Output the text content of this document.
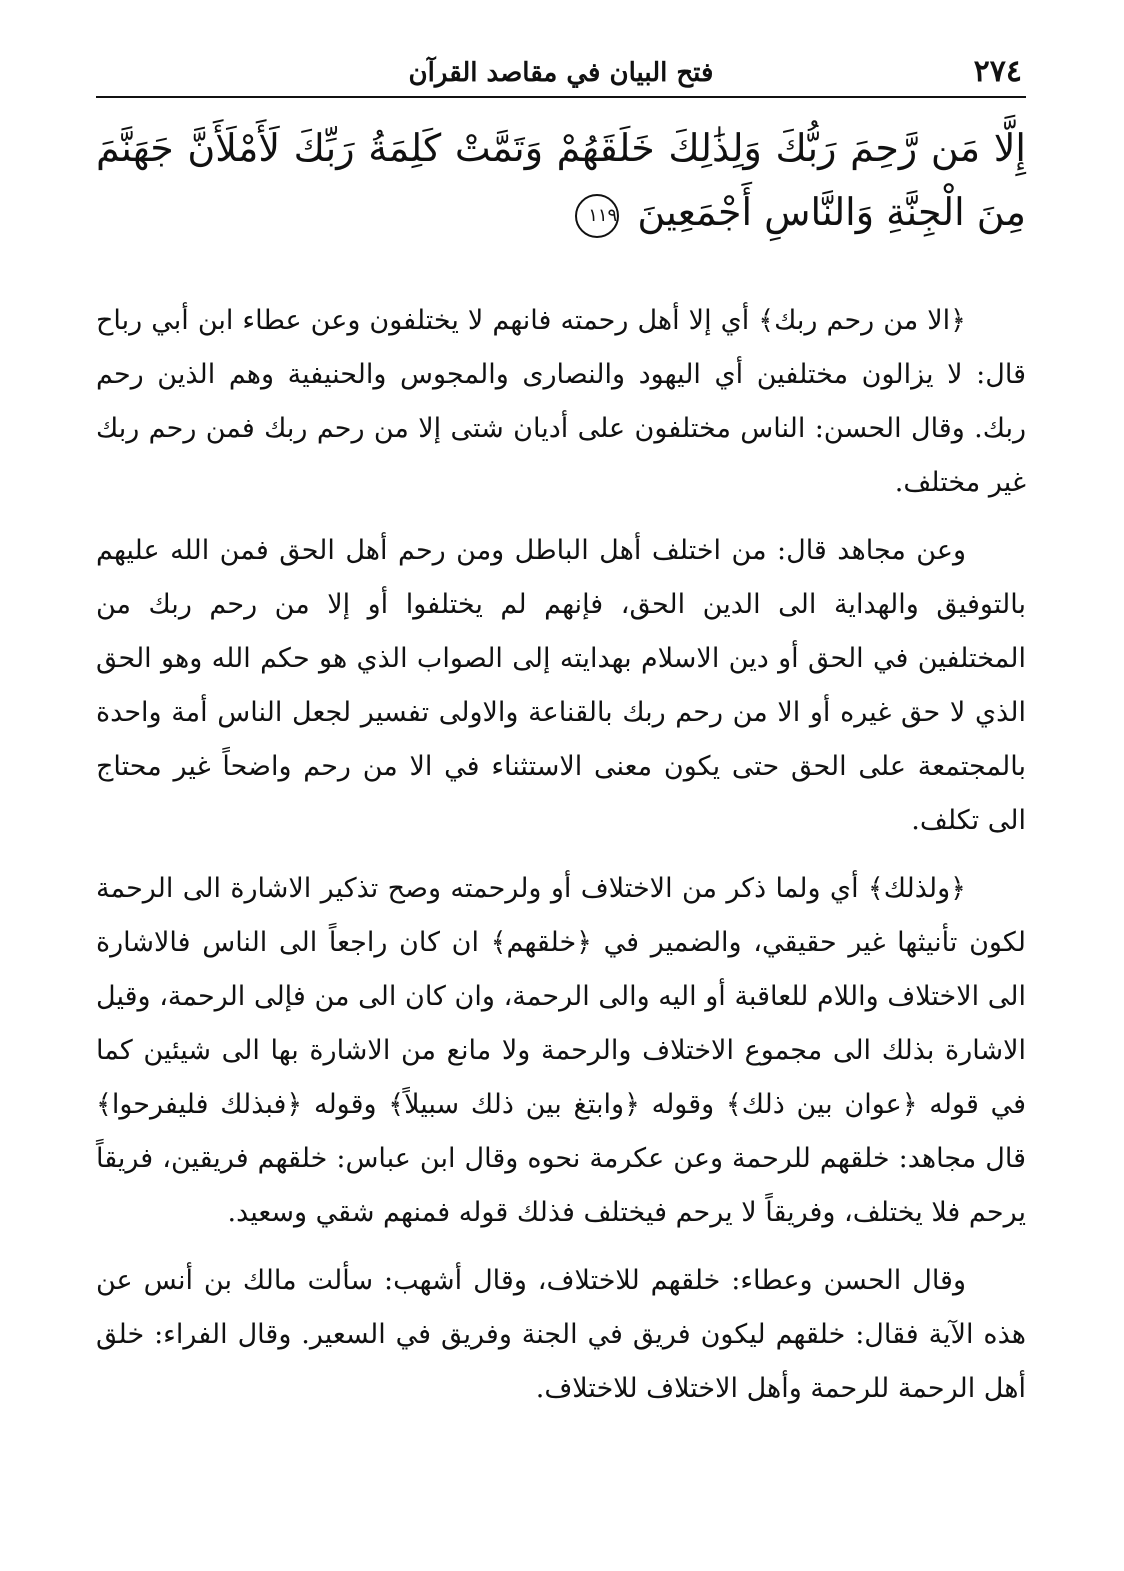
٢٧٤
فتح البيان في مقاصد القرآن
إِلَّا مَن رَّحِمَ رَبُّكَ وَلِذَٰلِكَ خَلَقَهُمْ وَتَمَّتْ كَلِمَةُ رَبِّكَ لَأَمْلَأَنَّ جَهَنَّمَ مِنَ الْجِنَّةِ وَالنَّاسِ أَجْمَعِينَ ١١٩

﴿الا من رحم ربك﴾ أي إلا أهل رحمته فانهم لا يختلفون وعن عطاء ابن أبي رباح قال: لا يزالون مختلفين أي اليهود والنصارى والمجوس والحنيفية وهم الذين رحم ربك. وقال الحسن: الناس مختلفون على أديان شتى إلا من رحم ربك فمن رحم ربك غير مختلف.

وعن مجاهد قال: من اختلف أهل الباطل ومن رحم أهل الحق فمن الله عليهم بالتوفيق والهداية الى الدين الحق، فإنهم لم يختلفوا أو إلا من رحم ربك من المختلفين في الحق أو دين الاسلام بهدايته إلى الصواب الذي هو حكم الله وهو الحق الذي لا حق غيره أو الا من رحم ربك بالقناعة والاولى تفسير لجعل الناس أمة واحدة بالمجتمعة على الحق حتى يكون معنى الاستثناء في الا من رحم واضحاً غير محتاج الى تكلف.

﴿ولذلك﴾ أي ولما ذكر من الاختلاف أو ولرحمته وصح تذكير الاشارة الى الرحمة لكون تأنيثها غير حقيقي، والضمير في ﴿خلقهم﴾ ان كان راجعاً الى الناس فالاشارة الى الاختلاف واللام للعاقبة أو اليه والى الرحمة، وان كان الى من فإلى الرحمة، وقيل الاشارة بذلك الى مجموع الاختلاف والرحمة ولا مانع من الاشارة بها الى شيئين كما في قوله ﴿عوان بين ذلك﴾ وقوله ﴿وابتغ بين ذلك سبيلاً﴾ وقوله ﴿فبذلك فليفرحوا﴾ قال مجاهد: خلقهم للرحمة وعن عكرمة نحوه وقال ابن عباس: خلقهم فريقين، فريقاً يرحم فلا يختلف، وفريقاً لا يرحم فيختلف فذلك قوله فمنهم شقي وسعيد.

وقال الحسن وعطاء: خلقهم للاختلاف، وقال أشهب: سألت مالك بن أنس عن هذه الآية فقال: خلقهم ليكون فريق في الجنة وفريق في السعير. وقال الفراء: خلق أهل الرحمة للرحمة وأهل الاختلاف للاختلاف.
